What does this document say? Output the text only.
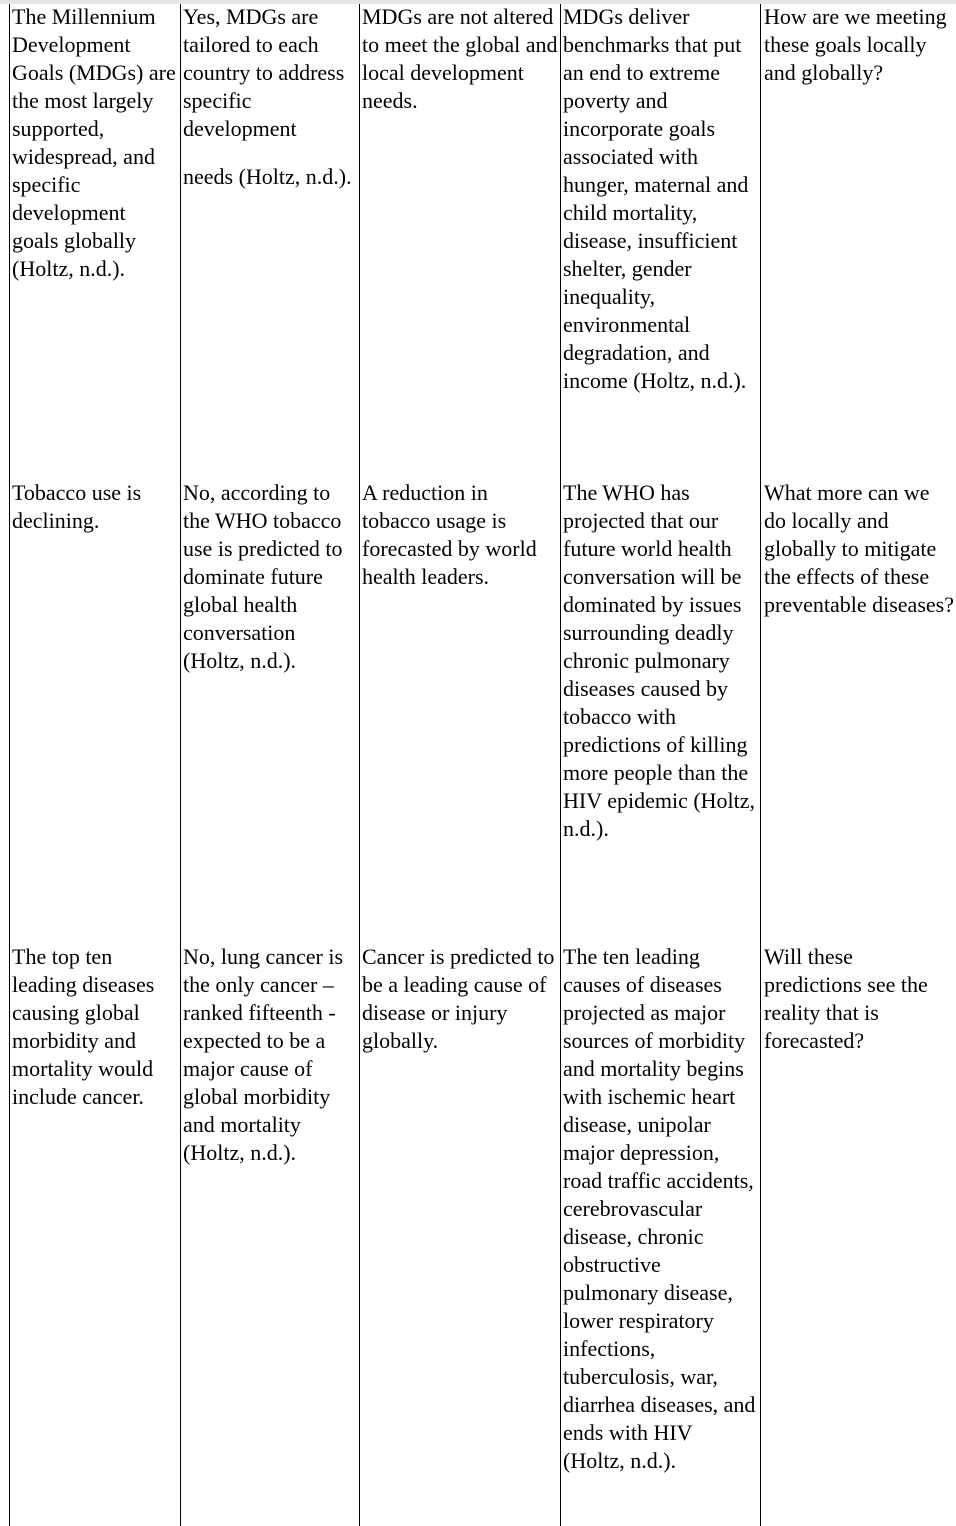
The Millennium Development Goals (MDGs) are the most largely supported, widespread, and specific development goals globally (Holtz, n.d.).

Yes, MDGs are tailored to each country to address specific development

needs (Holtz, n.d.).

MDGs are not altered to meet the global and local development needs.

MDGs deliver benchmarks that put an end to extreme poverty and incorporate goals associated with hunger, maternal and child mortality, disease, insufficient shelter, gender inequality, environmental degradation, and income (Holtz, n.d.).

How are we meeting these goals locally and globally?

Tobacco use is declining.

No, according to the WHO tobacco use is predicted to dominate future global health conversation (Holtz, n.d.).

A reduction in tobacco usage is forecasted by world health leaders.

The WHO has projected that our future world health conversation will be dominated by issues surrounding deadly chronic pulmonary diseases caused by tobacco with predictions of killing more people than the HIV epidemic (Holtz, n.d.).

What more can we do locally and globally to mitigate the effects of these preventable diseases?

The top ten leading diseases causing global morbidity and mortality would include cancer.

No, lung cancer is the only cancer – ranked fifteenth - expected to be a major cause of global morbidity and mortality (Holtz, n.d.).

Cancer is predicted to be a leading cause of disease or injury globally.

The ten leading causes of diseases projected as major sources of morbidity and mortality begins with ischemic heart disease, unipolar major depression, road traffic accidents, cerebrovascular disease, chronic obstructive pulmonary disease, lower respiratory infections, tuberculosis, war, diarrhea diseases, and ends with HIV (Holtz, n.d.).

Will these predictions see the reality that is forecasted?
